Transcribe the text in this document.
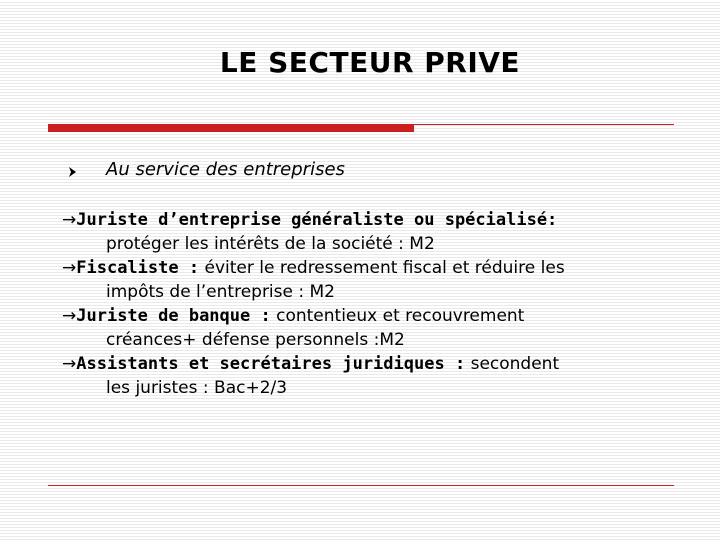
LE SECTEUR PRIVE
Au service des entreprises
→Juriste d’entreprise généraliste ou spécialisé:
protéger les intérêts de la société : M2
→Fiscaliste : éviter le redressement fiscal et réduire les
impôts de l’entreprise : M2
→Juriste de banque : contentieux et recouvrement
créances+ défense personnels :M2
→Assistants et secrétaires juridiques : secondent
les juristes : Bac+2/3
